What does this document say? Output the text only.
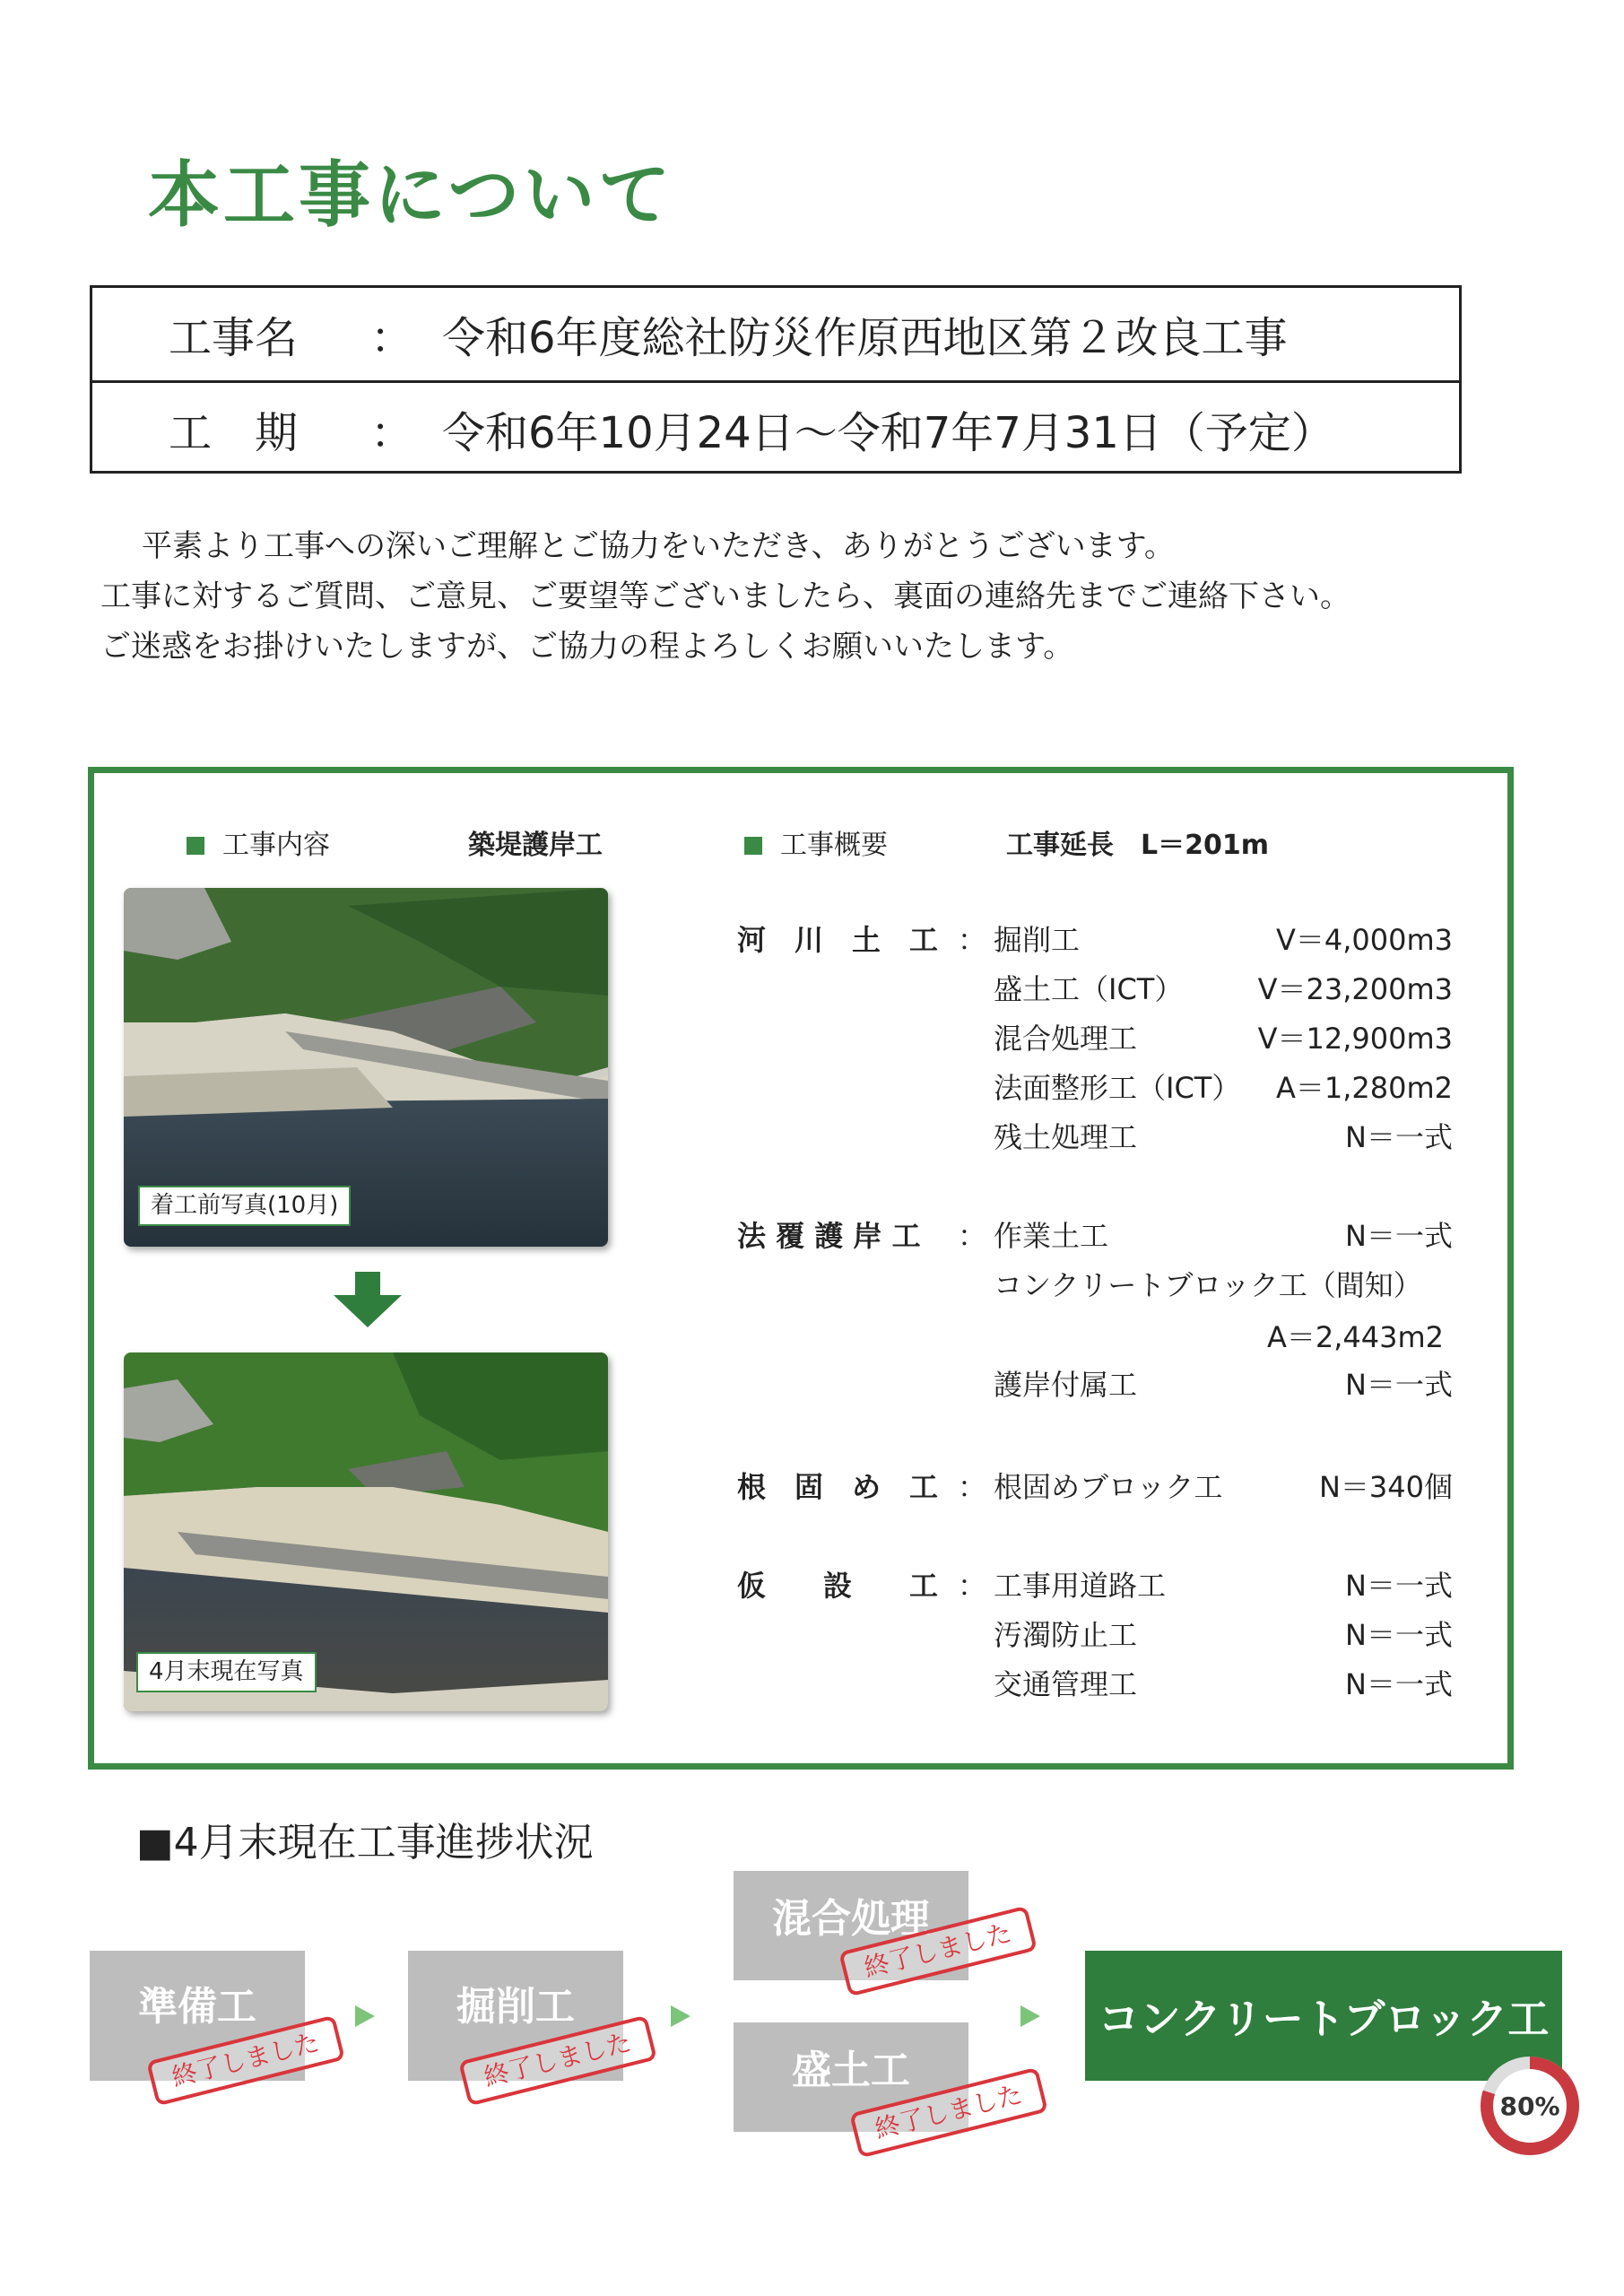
本工事について
工事名 ： 令和6年度総社防災作原西地区第２改良工事
工　期 ： 令和6年10月24日～令和7年7月31日（予定）
平素より工事への深いご理解とご協力をいただき、ありがとうございます。
工事に対するご質問、ご意見、ご要望等ございましたら、裏面の連絡先までご連絡下さい。
ご迷惑をお掛けいたしますが、ご協力の程よろしくお願いいたします。
工事内容	築堤護岸工	工事概要	工事延長　L＝201m
着工前写真(10月)
4月末現在写真
河　川　土　工 ： 掘削工	V＝4,000m3
盛土工（ICT）	V＝23,200m3
混合処理工	V＝12,900m3
法面整形工（ICT）	A＝1,280m2
残土処理工	N＝一式
法 覆 護 岸 工 ： 作業土工	N＝一式
コンクリートブロック工（間知）
A＝2,443m2
護岸付属工	N＝一式
根　固　め　工 ： 根固めブロック工	N＝340個
仮　　設　　工 ： 工事用道路工	N＝一式
汚濁防止工	N＝一式
交通管理工	N＝一式
■4月末現在工事進捗状況
準備工
終了しました
掘削工
終了しました
混合処理
終了しました
盛土工
終了しました
コンクリートブロック工
80%
